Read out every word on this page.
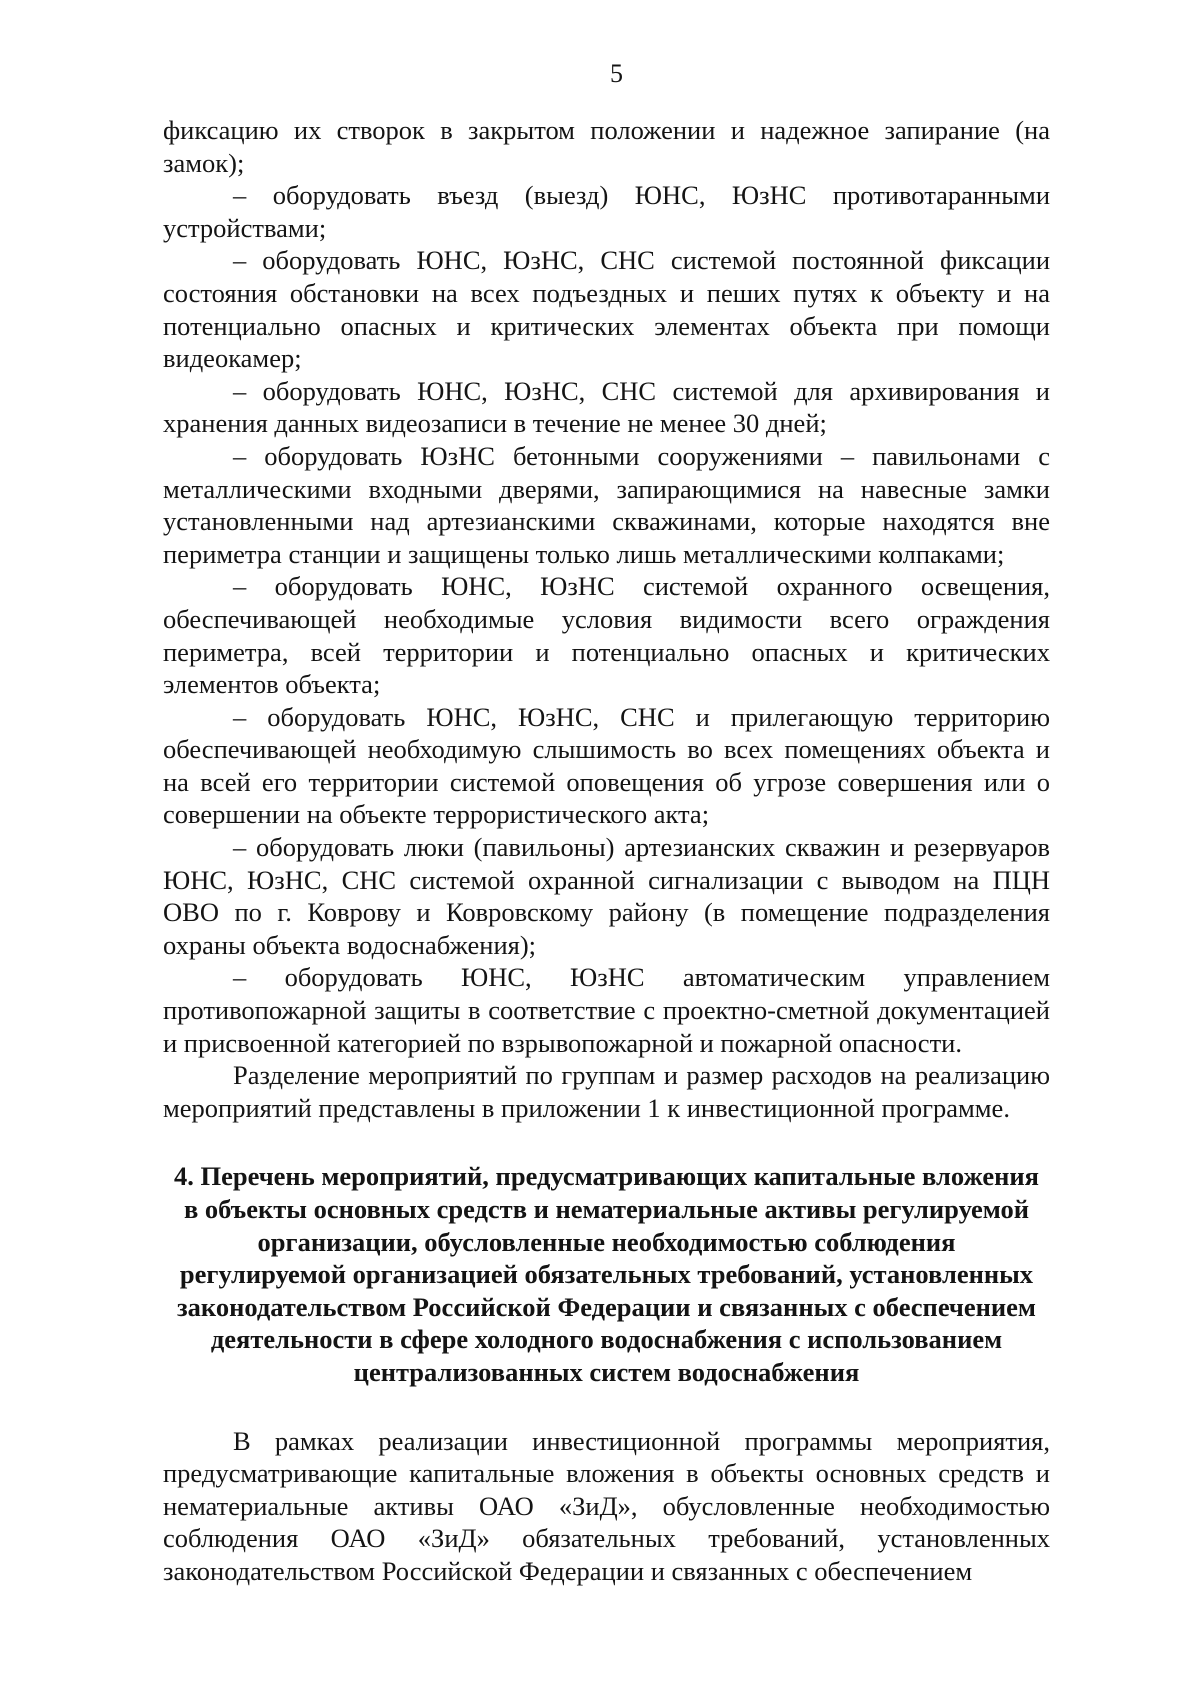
5

фиксацию их створок в закрытом положении и надежное запирание (на замок);

– оборудовать въезд (выезд) ЮНС, ЮзНС противотаранными устройствами;

– оборудовать ЮНС, ЮзНС, СНС системой постоянной фиксации состояния обстановки на всех подъездных и пеших путях к объекту и на потенциально опасных и критических элементах объекта при помощи видеокамер;

– оборудовать ЮНС, ЮзНС, СНС системой для архивирования и хранения данных видеозаписи в течение не менее 30 дней;

– оборудовать ЮзНС бетонными сооружениями – павильонами с металлическими входными дверями, запирающимися на навесные замки установленными над артезианскими скважинами, которые находятся вне периметра станции и защищены только лишь металлическими колпаками;

– оборудовать ЮНС, ЮзНС системой охранного освещения, обеспечивающей необходимые условия видимости всего ограждения периметра, всей территории и потенциально опасных и критических элементов объекта;

– оборудовать ЮНС, ЮзНС, СНС и прилегающую территорию обеспечивающей необходимую слышимость во всех помещениях объекта и на всей его территории системой оповещения об угрозе совершения или о совершении на объекте террористического акта;

– оборудовать люки (павильоны) артезианских скважин и резервуаров ЮНС, ЮзНС, СНС системой охранной сигнализации с выводом на ПЦН ОВО по г. Коврову и Ковровскому району (в помещение подразделения охраны объекта водоснабжения);

– оборудовать ЮНС, ЮзНС автоматическим управлением противопожарной защиты в соответствие с проектно-сметной документацией и присвоенной категорией по взрывопожарной и пожарной опасности.

Разделение мероприятий по группам и размер расходов на реализацию мероприятий представлены в приложении 1 к инвестиционной программе.

4. Перечень мероприятий, предусматривающих капитальные вложения в объекты основных средств и нематериальные активы регулируемой организации, обусловленные необходимостью соблюдения регулируемой организацией обязательных требований, установленных законодательством Российской Федерации и связанных с обеспечением деятельности в сфере холодного водоснабжения с использованием централизованных систем водоснабжения

В рамках реализации инвестиционной программы мероприятия, предусматривающие капитальные вложения в объекты основных средств и нематериальные активы ОАО «ЗиД», обусловленные необходимостью соблюдения ОАО «ЗиД» обязательных требований, установленных законодательством Российской Федерации и связанных с обеспечением
